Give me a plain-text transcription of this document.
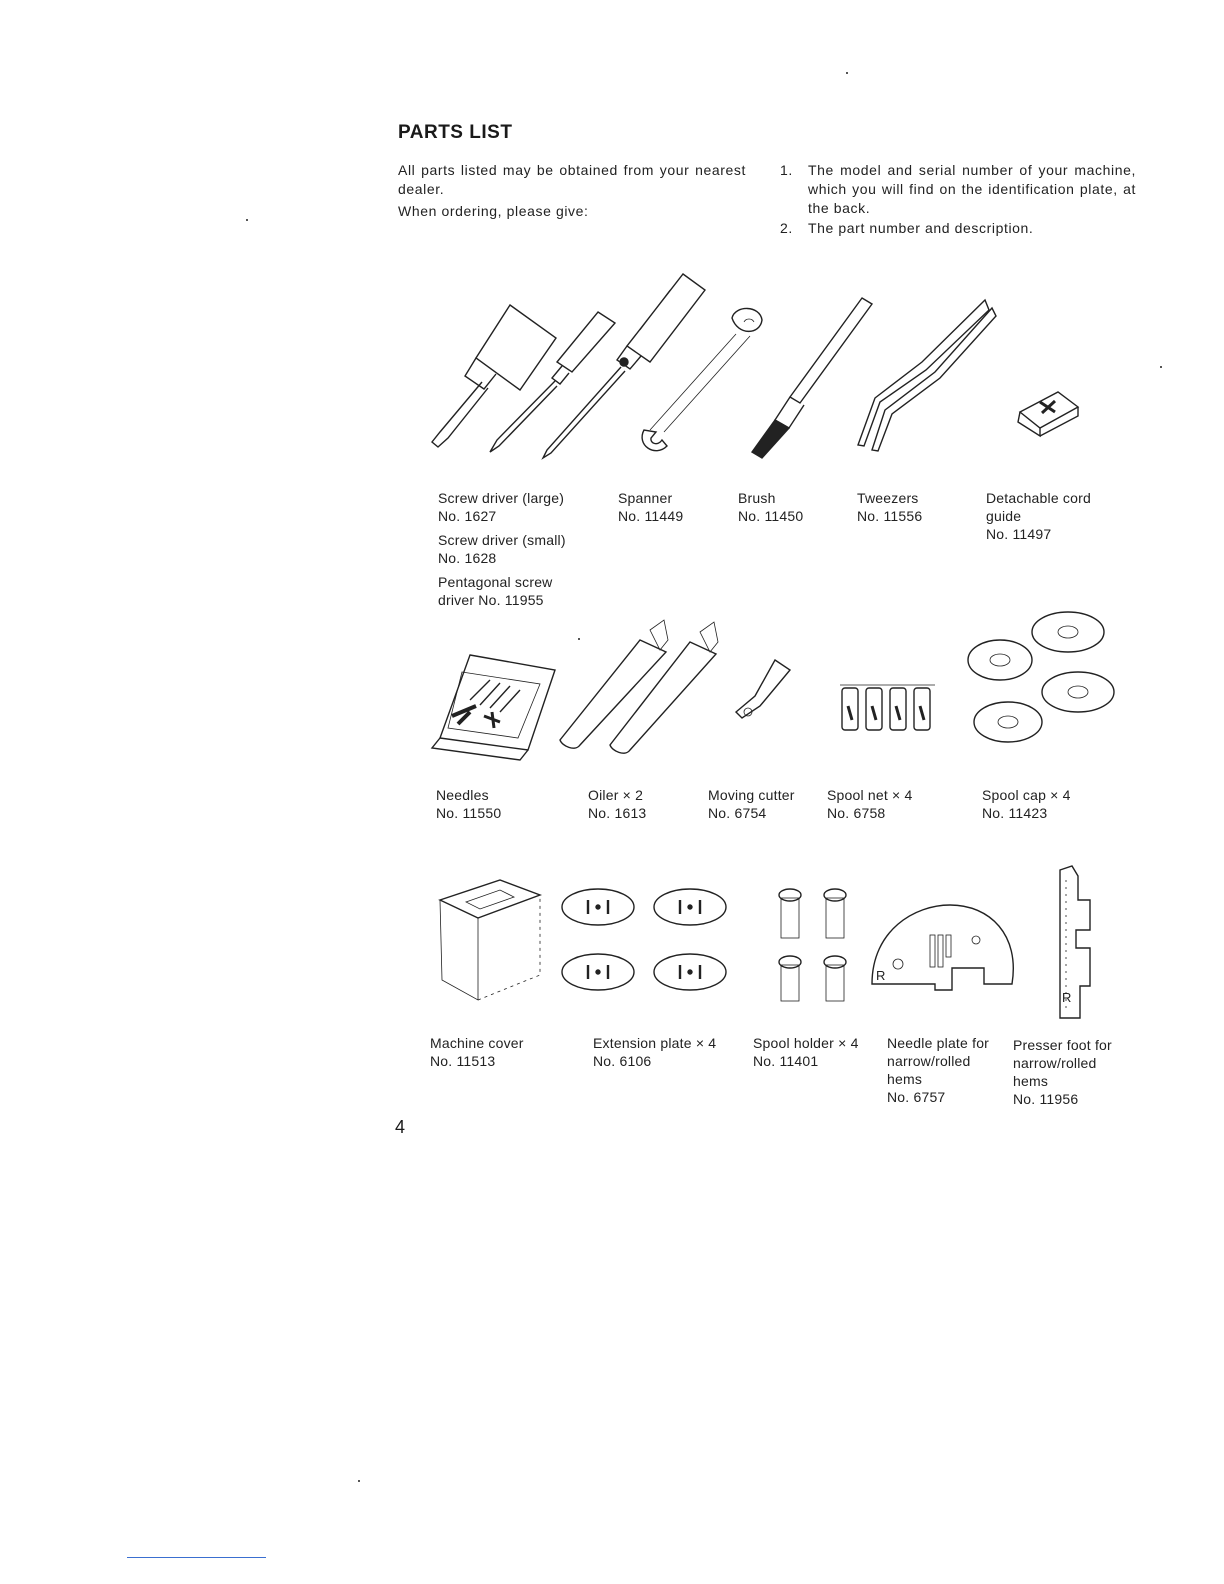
PARTS LIST

All parts listed may be obtained from your nearest dealer.

When ordering, please give:

1. The model and serial number of your machine, which you will find on the identification plate, at the back.
2. The part number and description.
R
R
Screw driver (large)
No. 1627
Screw driver (small)
No. 1628
Pentagonal screw
driver No. 11955
Spanner
No. 11449
Brush
No. 11450
Tweezers
No. 11556
Detachable cord
guide
No. 11497
Needles
No. 11550
Oiler × 2
No. 1613
Moving cutter
No. 6754
Spool net × 4
No. 6758
Spool cap × 4
No. 11423
Machine cover
No. 11513
Extension plate × 4
No. 6106
Spool holder × 4
No. 11401
Needle plate for
narrow/rolled
hems
No. 6757
Presser foot for
narrow/rolled
hems
No. 11956
4
